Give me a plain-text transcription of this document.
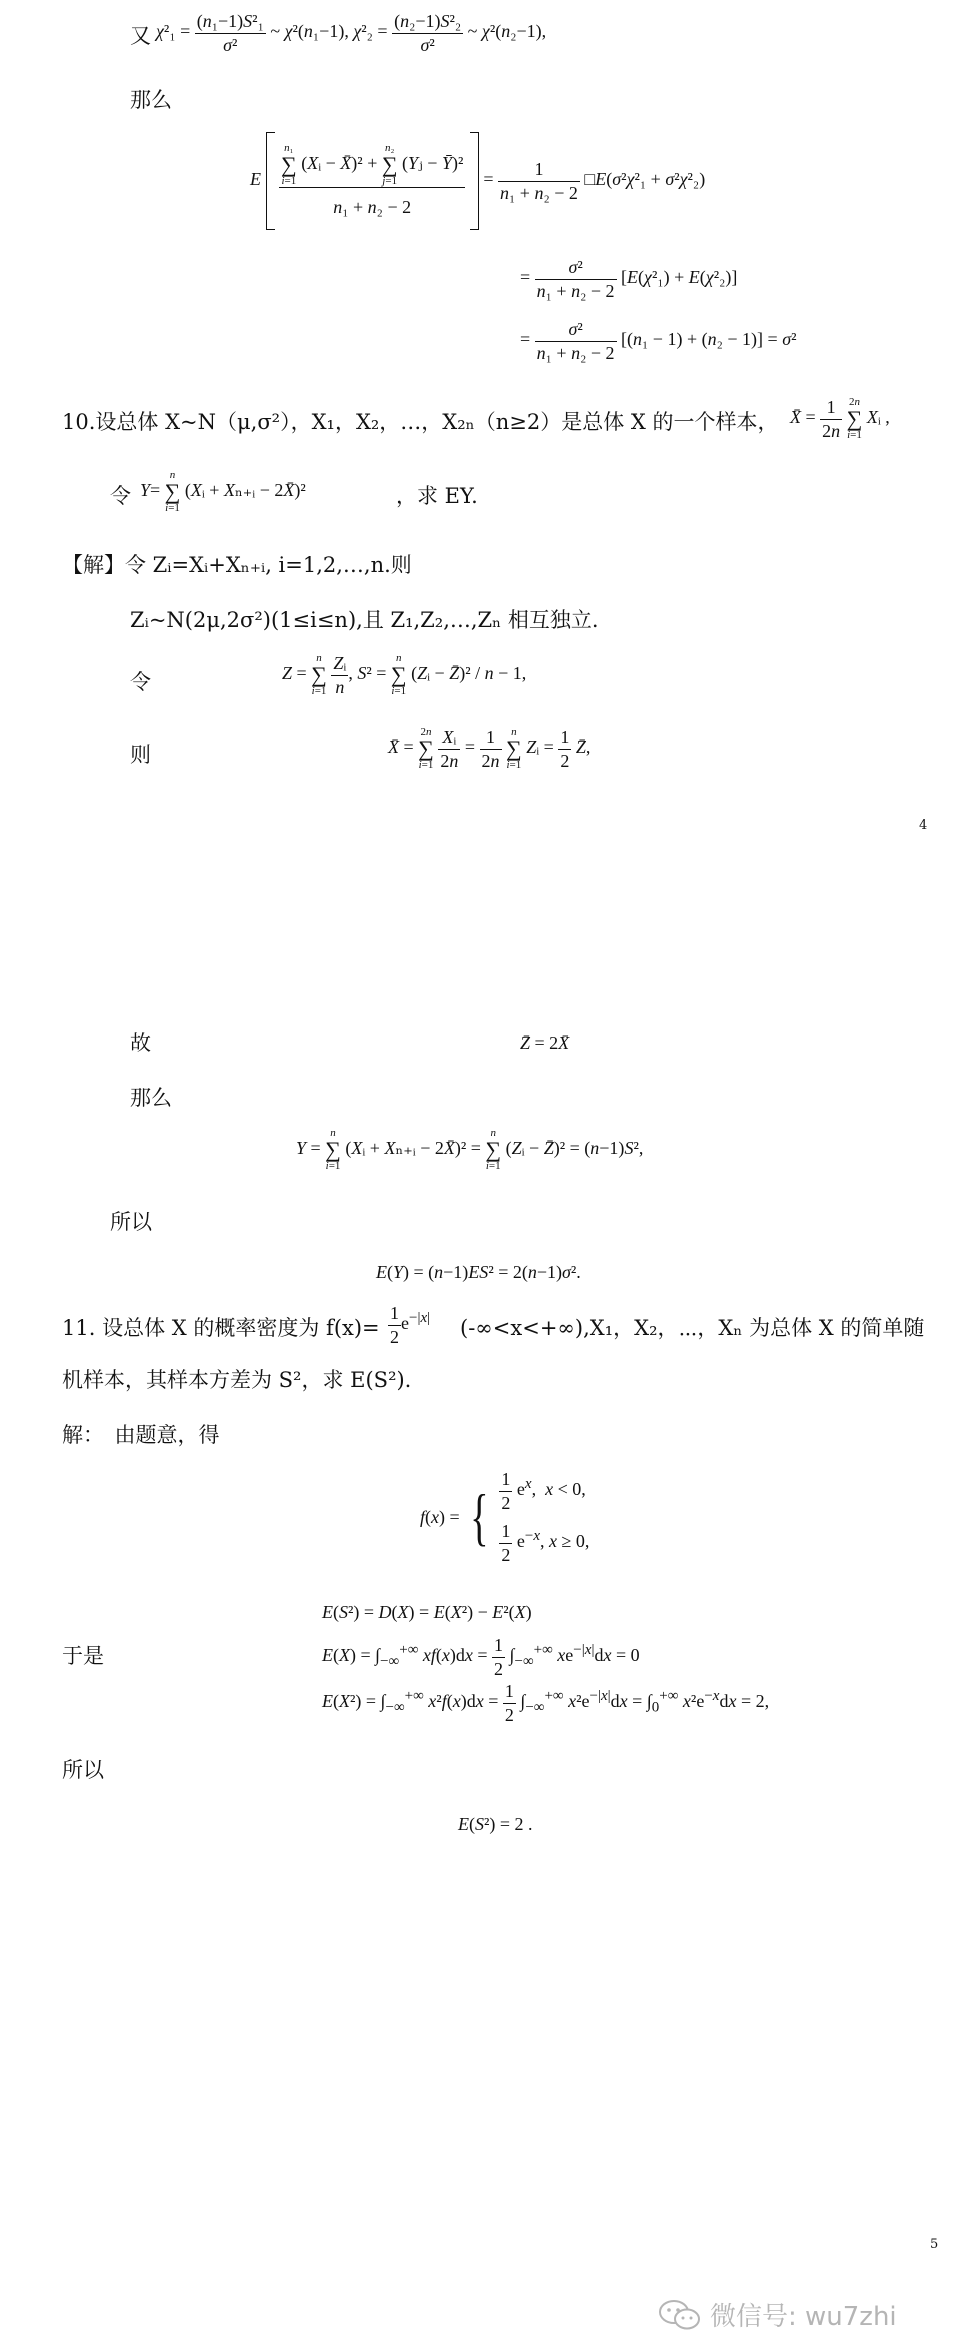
又 $\chi^2_1 = \frac{\text{(n₁−1)S²₁}}{\text{σ²}}$ ~ χ²(n₁−1), $\chi^2_2 = \frac{\text{(n₂−1)S²₂}}{\text{σ²}}$ ~ χ²(n₂−1),
那么
E n₁
∑
i=1 (Xᵢ − X̄)² + n₂
∑
j=1 (Yⱼ − Ȳ)²
$n_1 + n_2 - 2 = \frac{1}{\text{n₁ + n₂ − 2}}$ □E(σ²χ²₁ + σ²χ²₂)
= $\frac{\text{σ²}}{\text{n₁ + n₂ − 2}} [E(\chi^2_1) + E(\chi^2_2)]$
= $\frac{\text{σ²}}{\text{n₁ + n₂ − 2}} [(n_1 - 1) + (n_2 - 1)] = \sigma^2$
10.设总体 X~N（μ,σ²），X₁，X₂，…，X₂ₙ（n≥2）是总体 X 的一个样本， X̄ = $\frac{1}{2n} 2n$
∑
i=1 Xᵢ ,
令 Y= n
∑
i=1 (Xᵢ + Xₙ₊ᵢ − 2X̄)²	，求 EY.
【解】令 Zᵢ=Xᵢ+Xₙ₊ᵢ, i=1,2,…,n.则
Zᵢ~N(2μ,2σ²)(1≤i≤n),且 Z₁,Z₂,…,Zₙ 相互独立.
令	Z = n
∑
$i=1 \frac{\text{Zᵢ}}{n}$ , S² = n
∑
i=1 (Zᵢ − Z̄)² / n − 1,
则	X̄ = 2n
∑
$i=1 \frac{\text{Xᵢ}}{2n} = \frac{1}{2n}$ n
∑
i=1 Zᵢ = $\frac{1}{2}$ Z̄,
4
故	Z̄ = 2X̄
那么
Y = n
∑
i=1 (Xᵢ + Xₙ₊ᵢ − 2X̄)² = n
∑
i=1 (Zᵢ − Z̄)² = (n−1)S²,
所以
E(Y) = (n−1)ES² = 2(n−1)σ².
11. 设总体 X 的概率密度为 $f(x)= \frac{1}{2} e^{-|x|}$ (-∞<x<+∞),X₁，X₂，⋯，Xₙ 为总体 X 的简单随
机样本，其样本方差为 S²，求 E(S²).
解：　由题意，得
f(x) = { $\frac{1}{2} e^x$,  x < 0,
$\frac{1}{2} e^{-x}$, x ≥ 0,
E(S²) = D(X) = E(X²) − E²(X)
于是	$E(X) = \int_{-\infty}^{+\infty}$ $xf(x)dx = \frac{1}{2} \int_{-\infty}^{+\infty}$ $xe^{-|x|}dx = 0$
$E(X^2) = \int_{-\infty}^{+\infty}$ $x^2f(x)dx = \frac{1}{2} \int_{-\infty}^{+\infty}$ $x^2e^{-|x|}dx = \int_0^{+\infty}$ $x^2e^{-x}dx = 2$,
所以
E(S²) = 2 .
5
微信号: wu7zhi
